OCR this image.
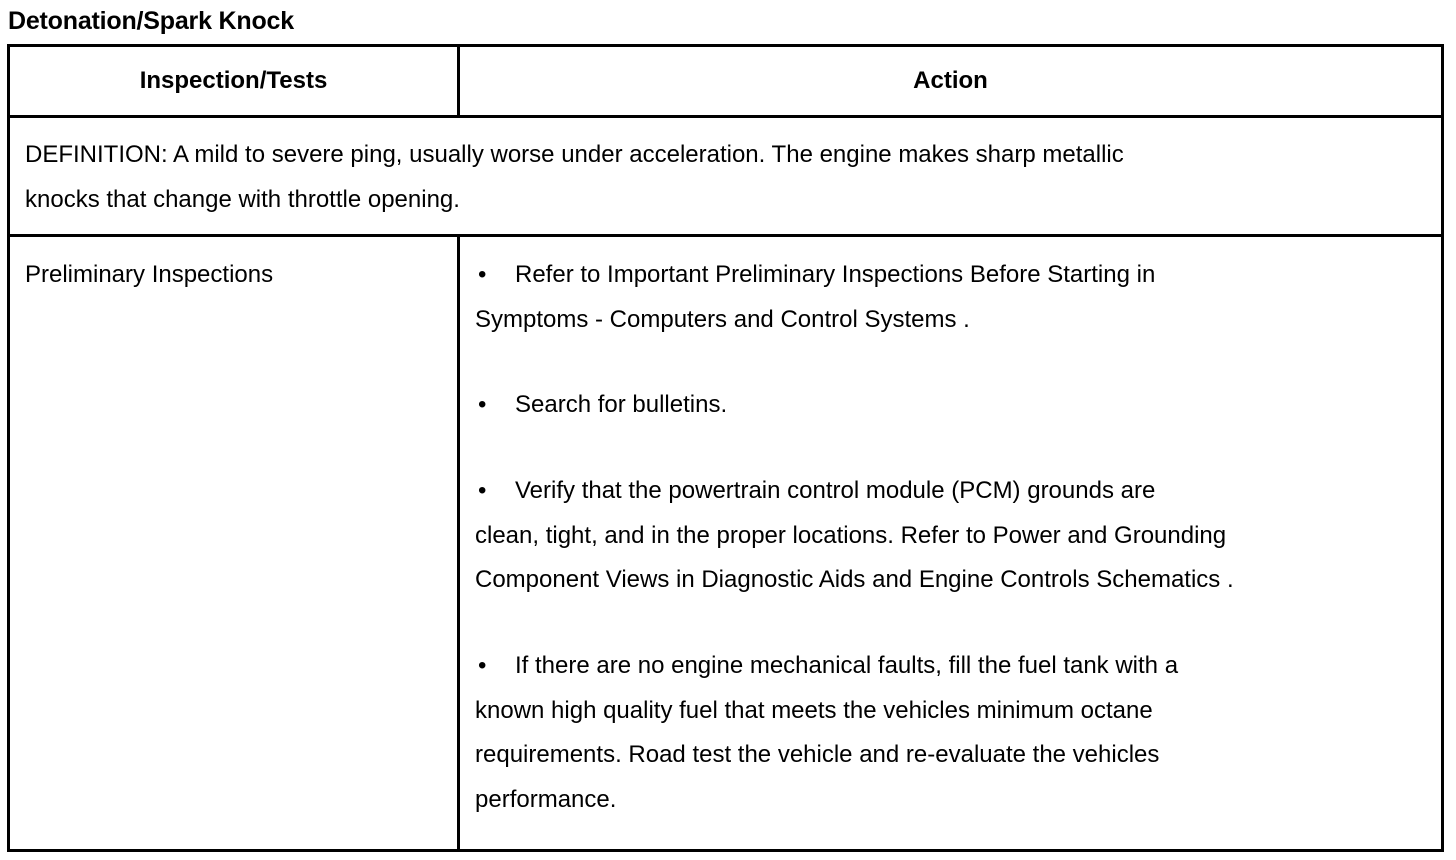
Detonation/Spark Knock
Inspection/Tests	Action
DEFINITION: A mild to severe ping, usually worse under acceleration. The engine makes sharp metallic
knocks that change with throttle opening.
Preliminary Inspections	• Refer to Important Preliminary Inspections Before Starting in
Symptoms - Computers and Control Systems .
• Search for bulletins.
• Verify that the powertrain control module (PCM) grounds are
clean, tight, and in the proper locations. Refer to Power and Grounding
Component Views in Diagnostic Aids and Engine Controls Schematics .
• If there are no engine mechanical faults, fill the fuel tank with a
known high quality fuel that meets the vehicles minimum octane
requirements. Road test the vehicle and re-evaluate the vehicles
performance.
